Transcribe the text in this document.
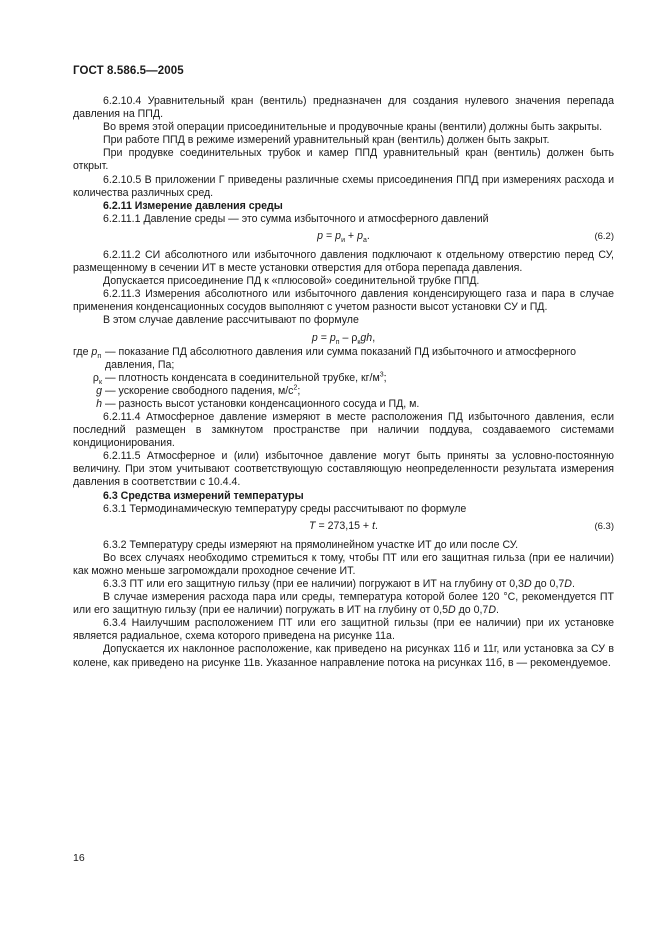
ГОСТ 8.586.5—2005

6.2.10.4 Уравнительный кран (вентиль) предназначен для создания нулевого значения перепада давления на ППД.

Во время этой операции присоединительные и продувочные краны (вентили) должны быть закрыты.

При работе ППД в режиме измерений уравнительный кран (вентиль) должен быть закрыт.

При продувке соединительных трубок и камер ППД уравнительный кран (вентиль) должен быть открыт.

6.2.10.5 В приложении Г приведены различные схемы присоединения ППД при измерениях расхода и количества различных сред.

6.2.11 Измерение давления среды

6.2.11.1 Давление среды — это сумма избыточного и атмосферного давлений

$p = p_и + p_а$.	(6.2)

6.2.11.2 СИ абсолютного или избыточного давления подключают к отдельному отверстию перед СУ, размещенному в сечении ИТ в месте установки отверстия для отбора перепада давления.

Допускается присоединение ПД к «плюсовой» соединительной трубке ППД.

6.2.11.3 Измерения абсолютного или избыточного давления конденсирующего газа и пара в случае применения конденсационных сосудов выполняют с учетом разности высот установки СУ и ПД.

В этом случае давление рассчитывают по формуле

$p = p_п - \rho_кgh$,
где $p_п$ — показание ПД абсолютного давления или сумма показаний ПД избыточного и атмосферного давления, Па;
$\rho_к$ — плотность конденсата в соединительной трубке, $кг/м^3$;
g — ускорение свободного падения, $м/с^2$;
h — разность высот установки конденсационного сосуда и ПД, м.

6.2.11.4 Атмосферное давление измеряют в месте расположения ПД избыточного давления, если последний размещен в замкнутом пространстве при наличии поддува, создаваемого системами кондиционирования.

6.2.11.5 Атмосферное и (или) избыточное давление могут быть приняты за условно-постоянную величину. При этом учитывают соответствующую составляющую неопределенности результата измерения давления в соответствии с 10.4.4.

6.3 Средства измерений температуры

6.3.1 Термодинамическую температуру среды рассчитывают по формуле

T = 273,15 + t.	(6.3)

6.3.2 Температуру среды измеряют на прямолинейном участке ИТ до или после СУ.

Во всех случаях необходимо стремиться к тому, чтобы ПТ или его защитная гильза (при ее наличии) как можно меньше загромождали проходное сечение ИТ.

6.3.3 ПТ или его защитную гильзу (при ее наличии) погружают в ИТ на глубину от 0,3D до 0,7D.

В случае измерения расхода пара или среды, температура которой более 120 °С, рекомендуется ПТ или его защитную гильзу (при ее наличии) погружать в ИТ на глубину от 0,5D до 0,7D.

6.3.4 Наилучшим расположением ПТ или его защитной гильзы (при ее наличии) при их установке является радиальное, схема которого приведена на рисунке 11а.

Допускается их наклонное расположение, как приведено на рисунках 11б и 11г, или установка за СУ в колене, как приведено на рисунке 11в. Указанное направление потока на рисунках 11б, в — рекомендуемое.

16
